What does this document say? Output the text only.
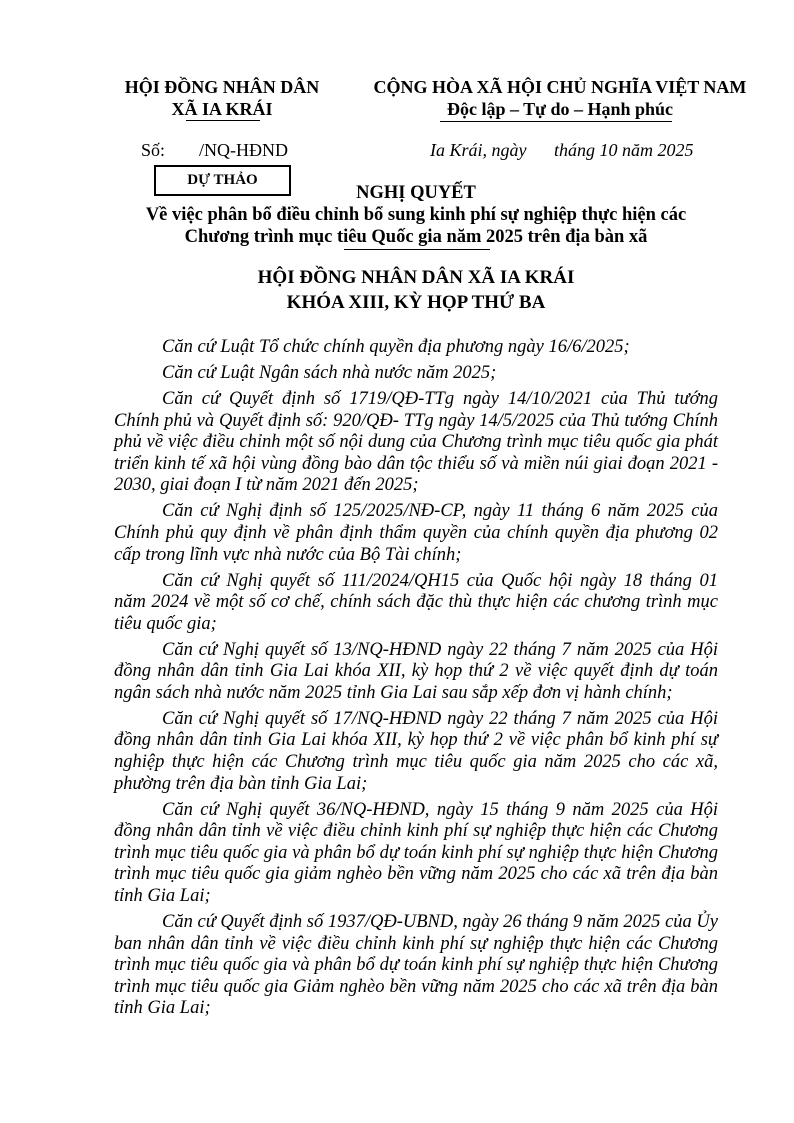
HỘI ĐỒNG NHÂN DÂN
XÃ IA KRÁI
CỘNG HÒA XÃ HỘI CHỦ NGHĨA VIỆT NAM
Độc lập – Tự do – Hạnh phúc
Số: /NQ-HĐND	Ia Krái, ngày tháng 10 năm 2025
DỰ THẢO
NGHỊ QUYẾT
Về việc phân bổ điều chỉnh bổ sung kinh phí sự nghiệp thực hiện các
Chương trình mục tiêu Quốc gia năm 2025 trên địa bàn xã
HỘI ĐỒNG NHÂN DÂN XÃ IA KRÁI
KHÓA XIII, KỲ HỌP THỨ BA

Căn cứ Luật Tổ chức chính quyền địa phương ngày 16/6/2025;

Căn cứ Luật Ngân sách nhà nước năm 2025;

Căn cứ Quyết định số 1719/QĐ-TTg ngày 14/10/2021 của Thủ tướng Chính phủ và Quyết định số: 920/QĐ- TTg ngày 14/5/2025 của Thủ tướng Chính phủ về việc điều chỉnh một số nội dung của Chương trình mục tiêu quốc gia phát triển kinh tế xã hội vùng đồng bào dân tộc thiểu số và miền núi giai đoạn 2021 - 2030, giai đoạn I từ năm 2021 đến 2025;

Căn cứ Nghị định số 125/2025/NĐ-CP, ngày 11 tháng 6 năm 2025 của Chính phủ quy định về phân định thẩm quyền của chính quyền địa phương 02 cấp trong lĩnh vực nhà nước của Bộ Tài chính;

Căn cứ Nghị quyết số 111/2024/QH15 của Quốc hội ngày 18 tháng 01 năm 2024 về một số cơ chế, chính sách đặc thù thực hiện các chương trình mục tiêu quốc gia;

Căn cứ Nghị quyết số 13/NQ-HĐND ngày 22 tháng 7 năm 2025 của Hội đồng nhân dân tỉnh Gia Lai khóa XII, kỳ họp thứ 2 về việc quyết định dự toán ngân sách nhà nước năm 2025 tỉnh Gia Lai sau sắp xếp đơn vị hành chính;

Căn cứ Nghị quyết số 17/NQ-HĐND ngày 22 tháng 7 năm 2025 của Hội đồng nhân dân tỉnh Gia Lai khóa XII, kỳ họp thứ 2 về việc phân bổ kinh phí sự nghiệp thực hiện các Chương trình mục tiêu quốc gia năm 2025 cho các xã, phường trên địa bàn tỉnh Gia Lai;

Căn cứ Nghị quyết 36/NQ-HĐND, ngày 15 tháng 9 năm 2025 của Hội đồng nhân dân tỉnh về việc điều chỉnh kinh phí sự nghiệp thực hiện các Chương trình mục tiêu quốc gia và phân bổ dự toán kinh phí sự nghiệp thực hiện Chương trình mục tiêu quốc gia giảm nghèo bền vững năm 2025 cho các xã trên địa bàn tỉnh Gia Lai;

Căn cứ Quyết định số 1937/QĐ-UBND, ngày 26 tháng 9 năm 2025 của Ủy ban nhân dân tỉnh về việc điều chỉnh kinh phí sự nghiệp thực hiện các Chương trình mục tiêu quốc gia và phân bổ dự toán kinh phí sự nghiệp thực hiện Chương trình mục tiêu quốc gia Giảm nghèo bền vững năm 2025 cho các xã trên địa bàn tỉnh Gia Lai;
